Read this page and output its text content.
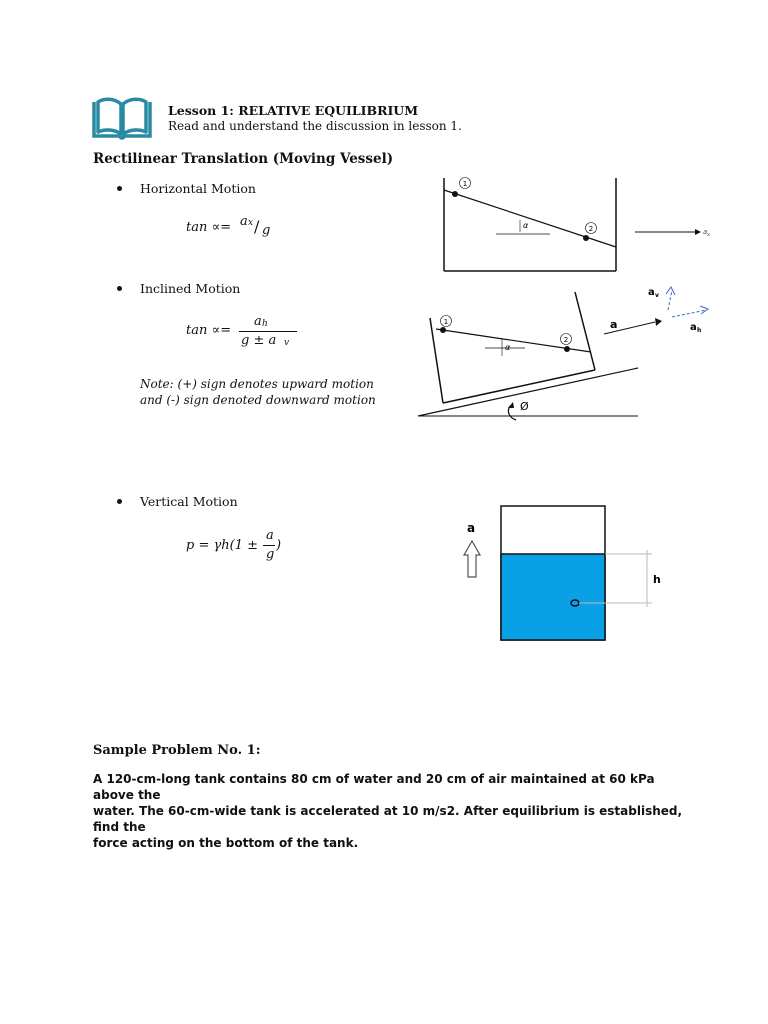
Lesson 1: RELATIVE EQUILIBRIUM
Read and understand the discussion in lesson 1.
Rectilinear Translation (Moving Vessel)
Horizontal Motion
tan ∝= a x / g
Inclined Motion
tan ∝=
a h
g ± a v
Note: (+) sign denotes upward motion
and (-) sign denoted downward motion
Vertical Motion
p = γh(1 ±
a
g
)
1
2
α
a x
1
2
α
Ø
a
a v
a h
h
a
Sample Problem No. 1:
A 120-cm-long tank contains 80 cm of water and 20 cm of air maintained at 60 kPa above the
water. The 60-cm-wide tank is accelerated at 10 m/s2. After equilibrium is established, find the
force acting on the bottom of the tank.
